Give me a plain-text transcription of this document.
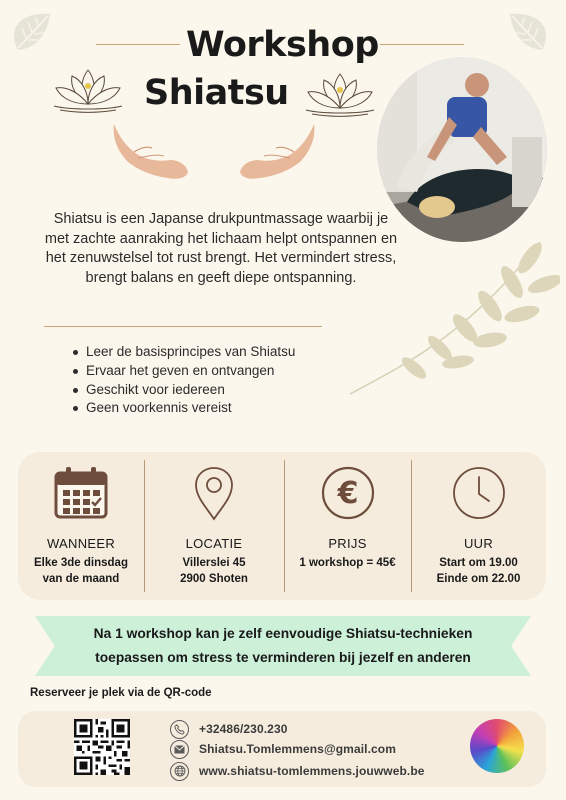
Workshop
Shiatsu
Shiatsu is een Japanse drukpuntmassage waarbij je met zachte aanraking het lichaam helpt ontspannen en het zenuwstelsel tot rust brengt. Het vermindert stress, brengt balans en geeft diepe ontspanning.
Leer de basisprincipes van Shiatsu
Ervaar het geven en ontvangen
Geschikt voor iedereen
Geen voorkennis vereist
WANNEER
Elke 3de dinsdag
van de maand
LOCATIE
Villerslei 45
2900 Shoten
€
PRIJS
1 workshop = 45€
UUR
Start om 19.00
Einde om 22.00
Na 1 workshop kan je zelf eenvoudige Shiatsu-technieken
toepassen om stress te verminderen bij jezelf en anderen
Reserveer je plek via de QR-code
+32486/230.230
Shiatsu.Tomlemmens@gmail.com
www.shiatsu-tomlemmens.jouwweb.be
